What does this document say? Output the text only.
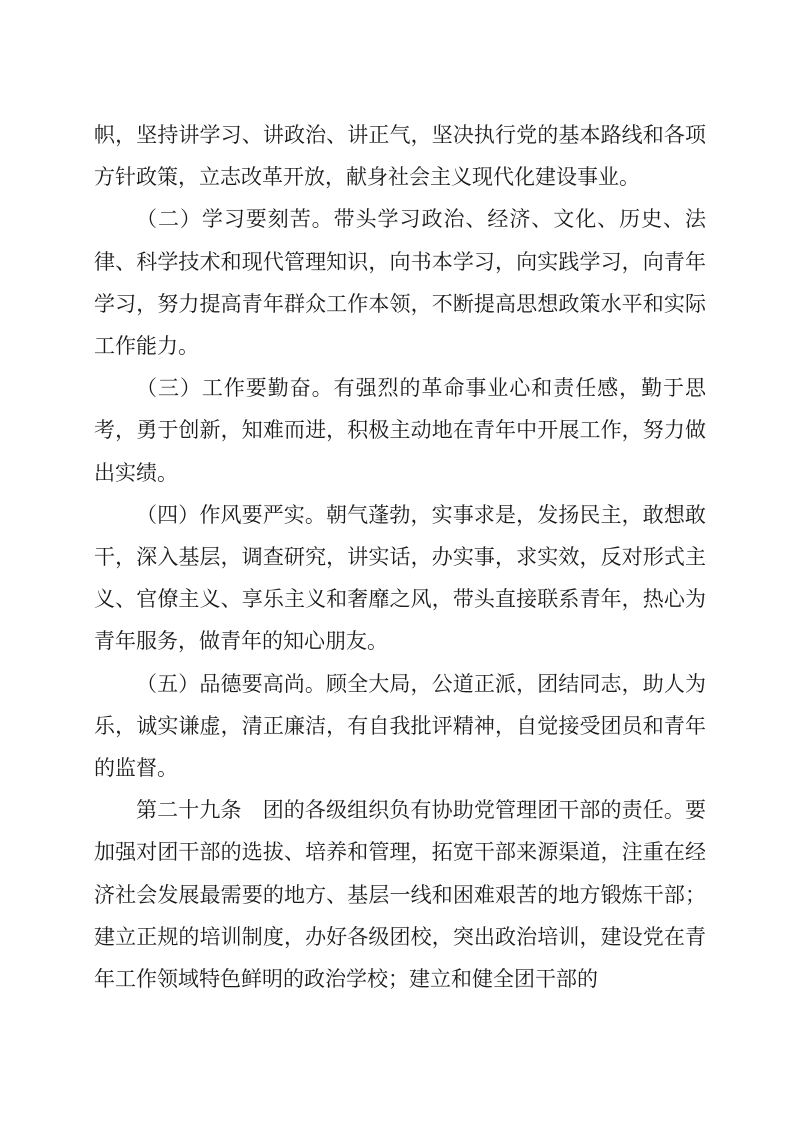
帜，坚持讲学习、讲政治、讲正气，坚决执行党的基本路线和各项方针政策，立志改革开放，献身社会主义现代化建设事业。

（二）学习要刻苦。带头学习政治、经济、文化、历史、法律、科学技术和现代管理知识，向书本学习，向实践学习，向青年学习，努力提高青年群众工作本领，不断提高思想政策水平和实际工作能力。

（三）工作要勤奋。有强烈的革命事业心和责任感，勤于思考，勇于创新，知难而进，积极主动地在青年中开展工作，努力做出实绩。

（四）作风要严实。朝气蓬勃，实事求是，发扬民主，敢想敢干，深入基层，调查研究，讲实话，办实事，求实效，反对形式主义、官僚主义、享乐主义和奢靡之风，带头直接联系青年，热心为青年服务，做青年的知心朋友。

（五）品德要高尚。顾全大局，公道正派，团结同志，助人为乐，诚实谦虚，清正廉洁，有自我批评精神，自觉接受团员和青年的监督。

第二十九条　团的各级组织负有协助党管理团干部的责任。要加强对团干部的选拔、培养和管理，拓宽干部来源渠道，注重在经济社会发展最需要的地方、基层一线和困难艰苦的地方锻炼干部；建立正规的培训制度，办好各级团校，突出政治培训，建设党在青年工作领域特色鲜明的政治学校；建立和健全团干部的
